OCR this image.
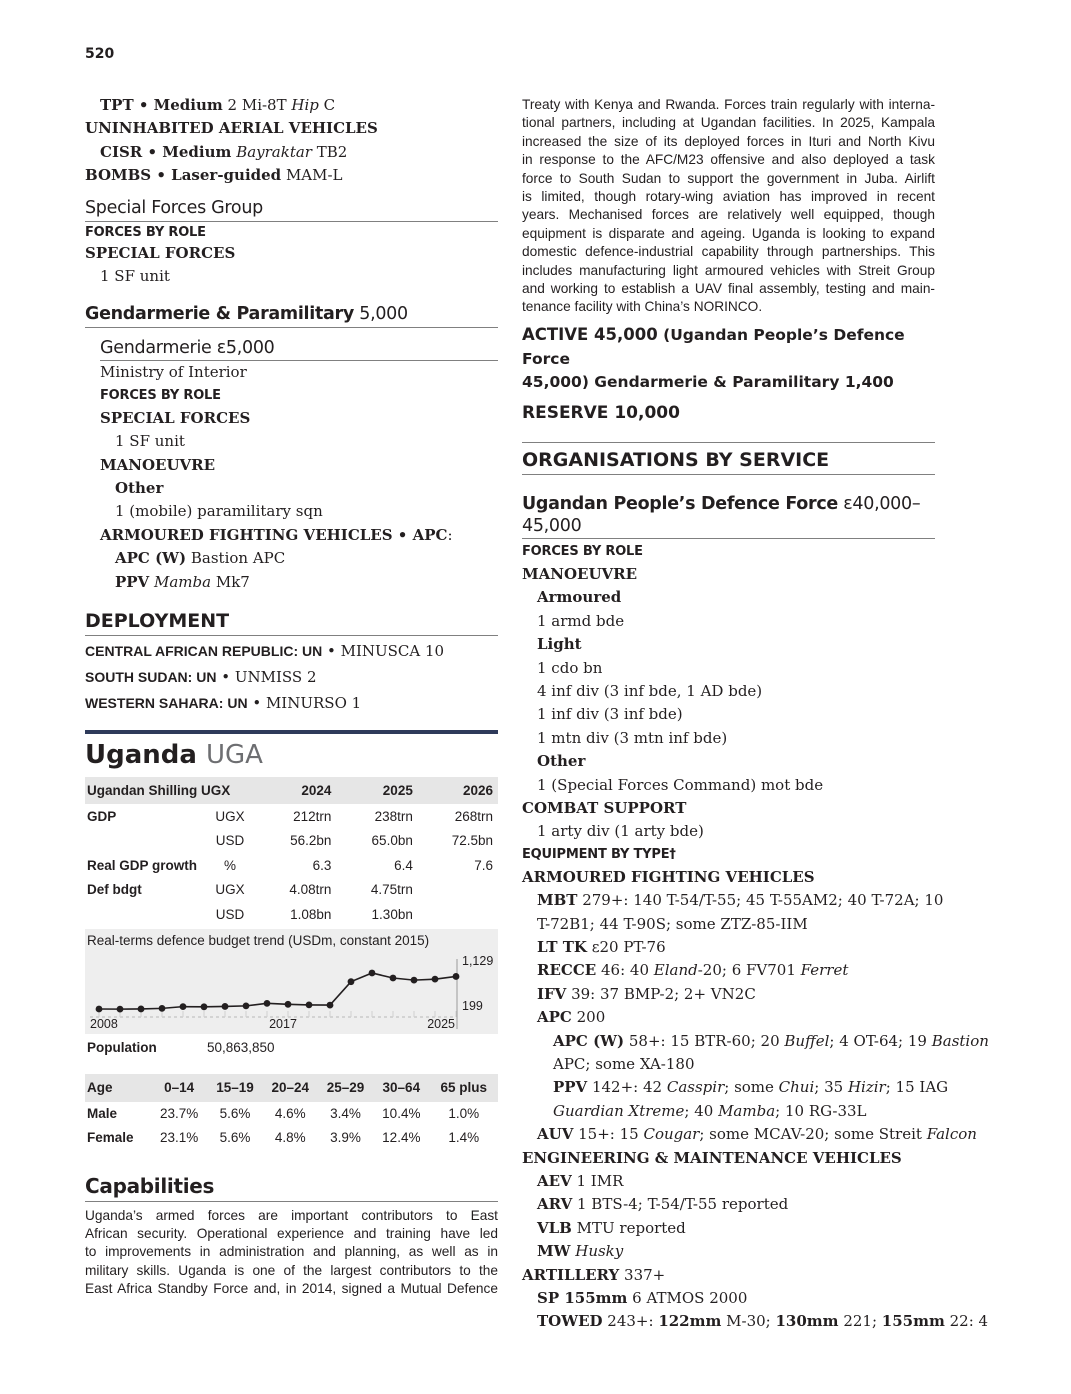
520
TPT • Medium 2 Mi-8T Hip C
UNINHABITED AERIAL VEHICLES
CISR • Medium Bayraktar TB2
BOMBS • Laser-guided MAM-L
Special Forces Group
FORCES BY ROLE
SPECIAL FORCES
1 SF unit
Gendarmerie & Paramilitary 5,000
Gendarmerie ε5,000
Ministry of Interior
FORCES BY ROLE
SPECIAL FORCES
1 SF unit
MANOEUVRE
Other
1 (mobile) paramilitary sqn
ARMOURED FIGHTING VEHICLES • APC:
APC (W) Bastion APC
PPV Mamba Mk7
DEPLOYMENT
CENTRAL AFRICAN REPUBLIC: UN • MINUSCA 10
SOUTH SUDAN: UN • UNMISS 2
WESTERN SAHARA: UN • MINURSO 1
Uganda UGA
Ugandan Shilling UGX		2024	2025	2026
GDP	UGX	212trn	238trn	268trn
	USD	56.2bn	65.0bn	72.5bn
Real GDP growth	%	6.3	6.4	7.6
Def bdgt	UGX	4.08trn	4.75trn	
	USD	1.08bn	1.30bn	
Real-terms defence budget trend (USDm, constant 2015)
1,129
199
2008	2017	2025
Population	50,863,850
Age	0–14	15–19	20–24	25–29	30–64	65 plus
Male	23.7%	5.6%	4.6%	3.4%	10.4%	1.0%
Female	23.1%	5.6%	4.8%	3.9%	12.4%	1.4%
Capabilities
Uganda’s armed forces are important contributors to East
African security. Operational experience and training have led
to improvements in administration and planning, as well as in
military skills. Uganda is one of the largest contributors to the
East Africa Standby Force and, in 2014, signed a Mutual Defence
Treaty with Kenya and Rwanda. Forces train regularly with interna-
tional partners, including at Ugandan facilities. In 2025, Kampala
increased the size of its deployed forces in Ituri and North Kivu
in response to the AFC/M23 offensive and also deployed a task
force to South Sudan to support the government in Juba. Airlift
is limited, though rotary-wing aviation has improved in recent
years. Mechanised forces are relatively well equipped, though
equipment is disparate and ageing. Uganda is looking to expand
domestic defence-industrial capability through partnerships. This
includes manufacturing light armoured vehicles with Streit Group
and working to establish a UAV final assembly, testing and main-
tenance facility with China’s NORINCO.
ACTIVE 45,000 (Ugandan People’s Defence Force
45,000) Gendarmerie & Paramilitary 1,400
RESERVE 10,000
ORGANISATIONS BY SERVICE
Ugandan People’s Defence Force ε40,000–
45,000
FORCES BY ROLE
MANOEUVRE
Armoured
1 armd bde
Light
1 cdo bn
4 inf div (3 inf bde, 1 AD bde)
1 inf div (3 inf bde)
1 mtn div (3 mtn inf bde)
Other
1 (Special Forces Command) mot bde
COMBAT SUPPORT
1 arty div (1 arty bde)
EQUIPMENT BY TYPE†
ARMOURED FIGHTING VEHICLES
MBT 279+: 140 T-54/T-55; 45 T-55AM2; 40 T-72A; 10
T-72B1; 44 T-90S; some ZTZ-85-IIM
LT TK ε20 PT-76
RECCE 46: 40 Eland-20; 6 FV701 Ferret
IFV 39: 37 BMP-2; 2+ VN2C
APC 200
APC (W) 58+: 15 BTR-60; 20 Buffel; 4 OT-64; 19 Bastion
APC; some XA-180
PPV 142+: 42 Casspir; some Chui; 35 Hizir; 15 IAG
Guardian Xtreme; 40 Mamba; 10 RG-33L
AUV 15+: 15 Cougar; some MCAV-20; some Streit Falcon
ENGINEERING & MAINTENANCE VEHICLES
AEV 1 IMR
ARV 1 BTS-4; T-54/T-55 reported
VLB MTU reported
MW Husky
ARTILLERY 337+
SP 155mm 6 ATMOS 2000
TOWED 243+: 122mm M-30; 130mm 221; 155mm 22: 4
